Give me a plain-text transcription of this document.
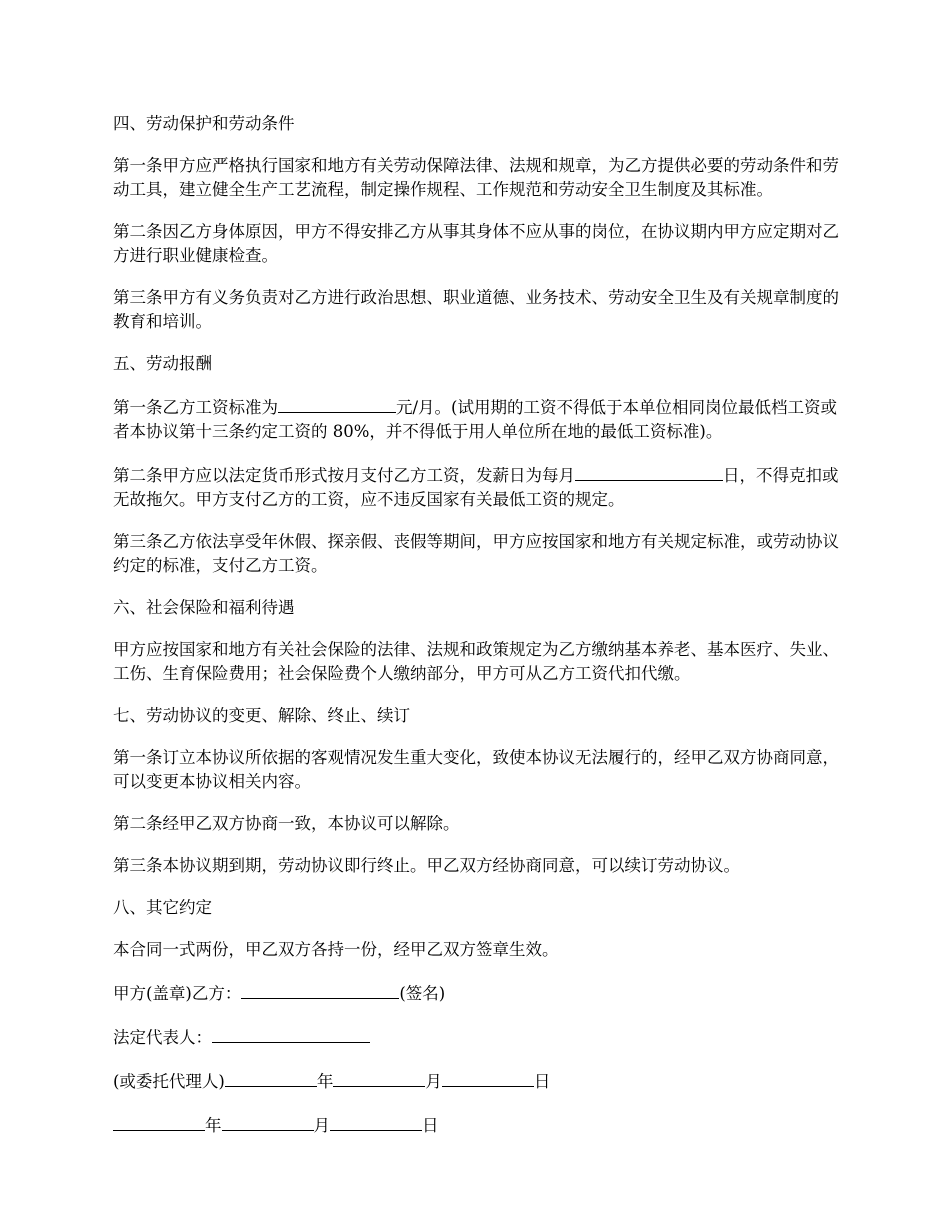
四、劳动保护和劳动条件

第一条甲方应严格执行国家和地方有关劳动保障法律、法规和规章，为乙方提供必要的劳动条件和劳动工具，建立健全生产工艺流程，制定操作规程、工作规范和劳动安全卫生制度及其标准。

第二条因乙方身体原因，甲方不得安排乙方从事其身体不应从事的岗位，在协议期内甲方应定期对乙方进行职业健康检查。

第三条甲方有义务负责对乙方进行政治思想、职业道德、业务技术、劳动安全卫生及有关规章制度的教育和培训。

五、劳动报酬

第一条乙方工资标准为	元/月。(试用期的工资不得低于本单位相同岗位最低档工资或者本协议第十三条约定工资的 80%，并不得低于用人单位所在地的最低工资标准)。

第二条甲方应以法定货币形式按月支付乙方工资，发薪日为每月	日，不得克扣或无故拖欠。甲方支付乙方的工资，应不违反国家有关最低工资的规定。

第三条乙方依法享受年休假、探亲假、丧假等期间，甲方应按国家和地方有关规定标准，或劳动协议约定的标准，支付乙方工资。

六、社会保险和福利待遇

甲方应按国家和地方有关社会保险的法律、法规和政策规定为乙方缴纳基本养老、基本医疗、失业、工伤、生育保险费用；社会保险费个人缴纳部分，甲方可从乙方工资代扣代缴。

七、劳动协议的变更、解除、终止、续订

第一条订立本协议所依据的客观情况发生重大变化，致使本协议无法履行的，经甲乙双方协商同意，可以变更本协议相关内容。

第二条经甲乙双方协商一致，本协议可以解除。

第三条本协议期到期，劳动协议即行终止。甲乙双方经协商同意，可以续订劳动协议。

八、其它约定

本合同一式两份，甲乙双方各持一份，经甲乙双方签章生效。

甲方(盖章)乙方：	(签名)

法定代表人：

(或委托代理人)	年	月	日

年	月	日
